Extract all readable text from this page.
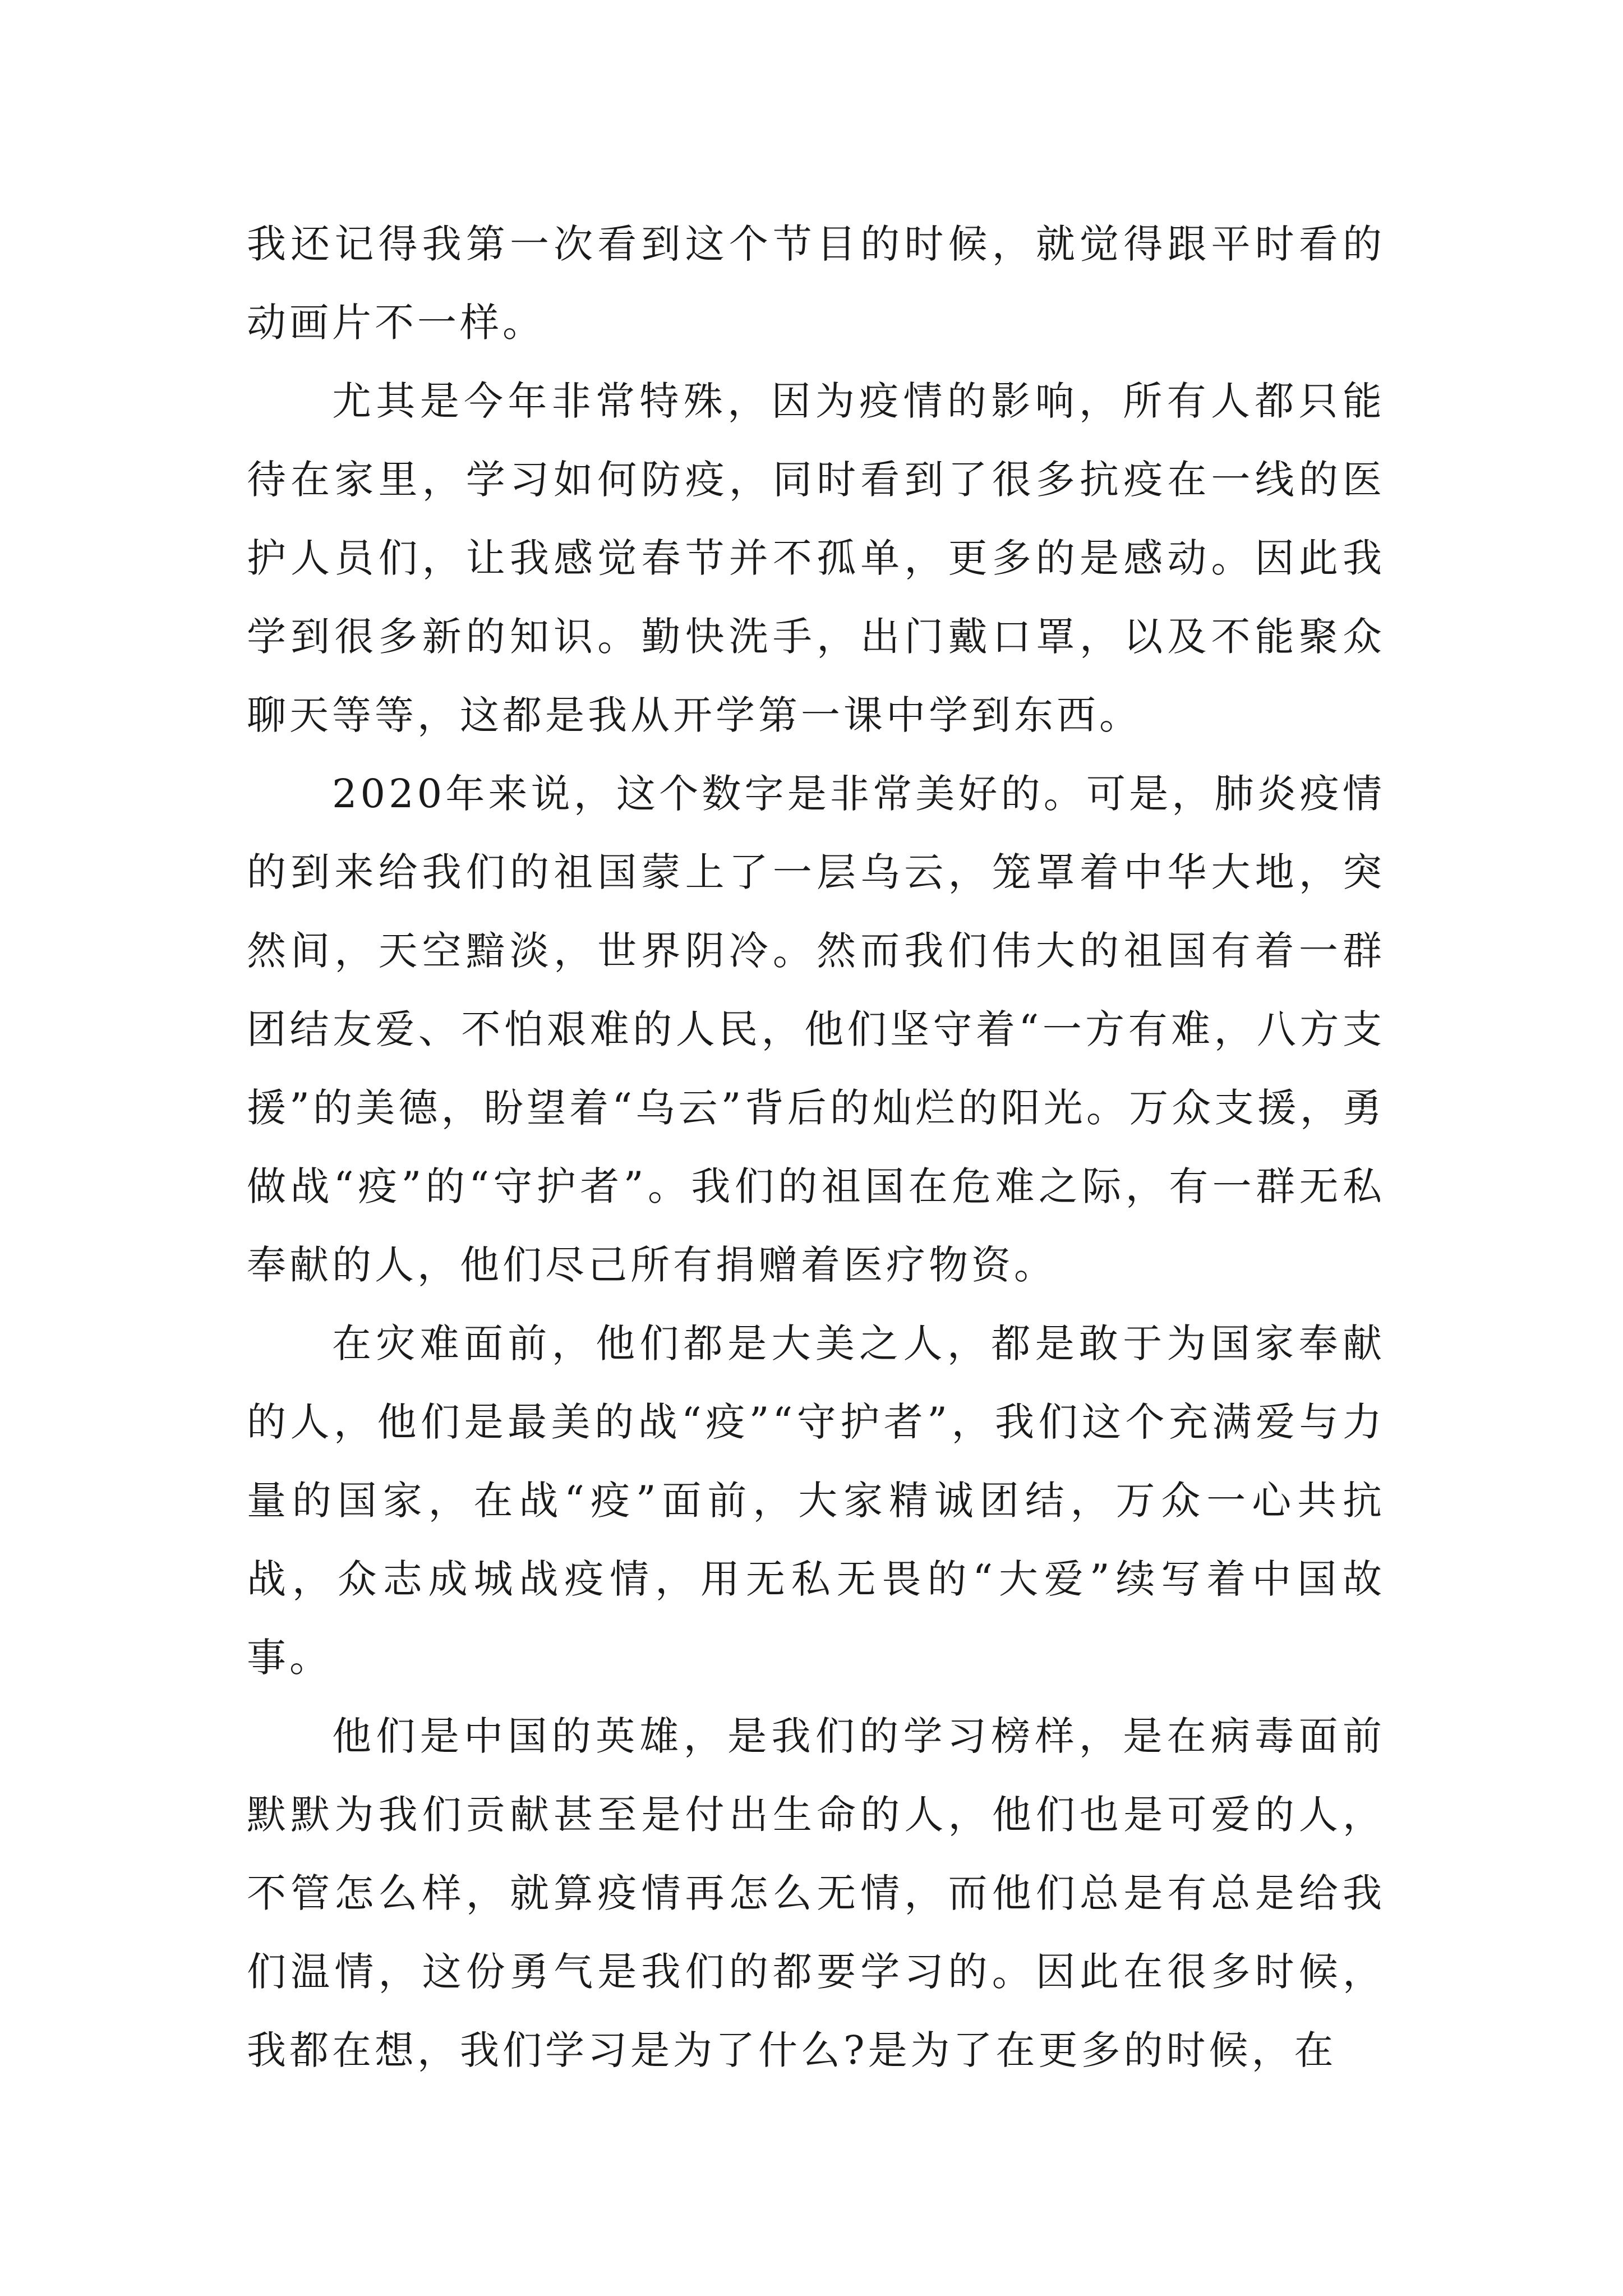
我还记得我第一次看到这个节目的时候，就觉得跟平时看的动画片不一样。

尤其是今年非常特殊，因为疫情的影响，所有人都只能待在家里，学习如何防疫，同时看到了很多抗疫在一线的医护人员们，让我感觉春节并不孤单，更多的是感动。因此我学到很多新的知识。勤快洗手，出门戴口罩，以及不能聚众聊天等等，这都是我从开学第一课中学到东西。

2020年来说，这个数字是非常美好的。可是，肺炎疫情的到来给我们的祖国蒙上了一层乌云，笼罩着中华大地，突然间，天空黯淡，世界阴冷。然而我们伟大的祖国有着一群团结友爱、不怕艰难的人民，他们坚守着“一方有难，八方支援”的美德，盼望着“乌云”背后的灿烂的阳光。万众支援，勇做战“疫”的“守护者”。我们的祖国在危难之际，有一群无私奉献的人，他们尽己所有捐赠着医疗物资。

在灾难面前，他们都是大美之人，都是敢于为国家奉献的人，他们是最美的战“疫”“守护者”，我们这个充满爱与力量的国家，在战“疫”面前，大家精诚团结，万众一心共抗战，众志成城战疫情，用无私无畏的“大爱”续写着中国故事。

他们是中国的英雄，是我们的学习榜样，是在病毒面前默默为我们贡献甚至是付出生命的人，他们也是可爱的人，不管怎么样，就算疫情再怎么无情，而他们总是有总是给我们温情，这份勇气是我们的都要学习的。因此在很多时候，我都在想，我们学习是为了什么?是为了在更多的时候，在
